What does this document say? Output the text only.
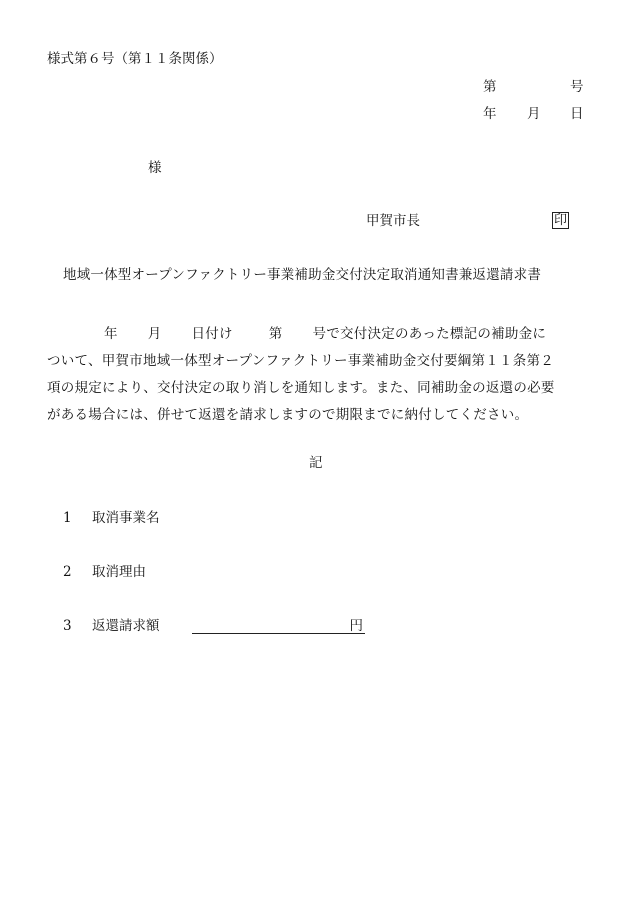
様式第６号（第１１条関係）
第	号
年 月 日
様
甲賀市長	印
地域一体型オープンファクトリー事業補助金交付決定取消通知書兼返還請求書
年 月 日付け	第 号で交付決定のあった標記の補助金に
ついて、甲賀市地域一体型オープンファクトリー事業補助金交付要綱第１１条第２
項の規定により、交付決定の取り消しを通知します。また、同補助金の返還の必要
がある場合には、併せて返還を請求しますので期限までに納付してください。
記
1 取消事業名
2 取消理由
3 返還請求額	円
